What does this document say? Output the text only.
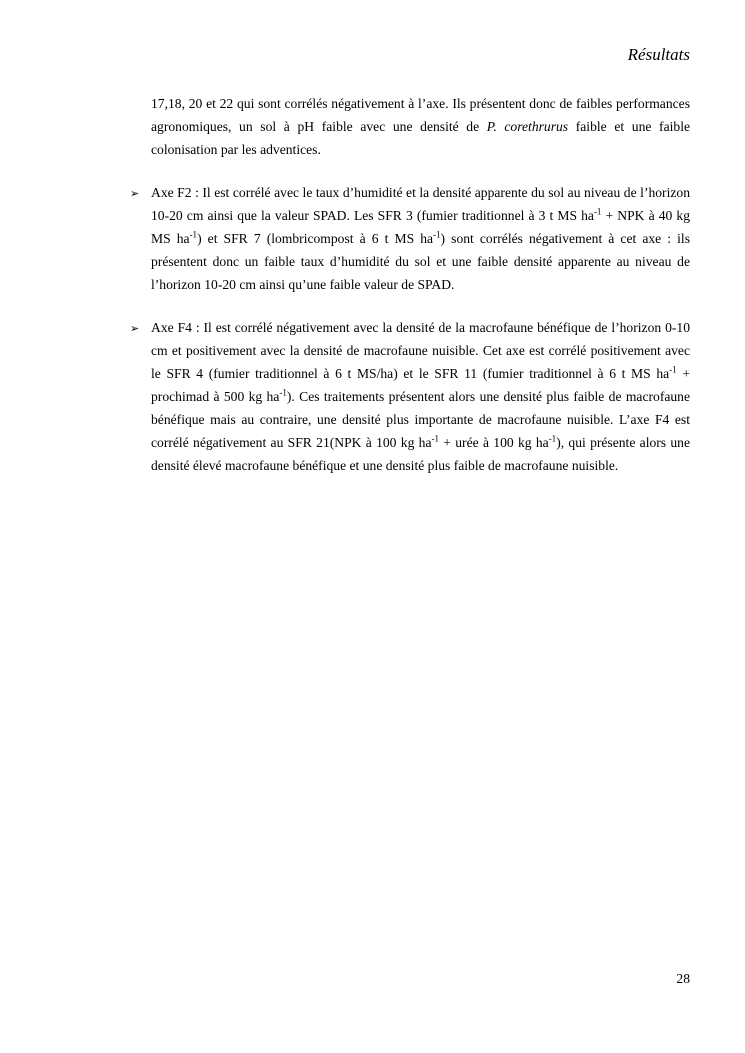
Résultats
17,18, 20 et 22 qui sont corrélés négativement à l’axe. Ils présentent donc de faibles performances agronomiques, un sol à pH faible avec une densité de P. corethrurus faible et une faible colonisation par les adventices.
➢ Axe F2 : Il est corrélé avec le taux d’humidité et la densité apparente du sol au niveau de l’horizon 10-20 cm ainsi que la valeur SPAD. Les SFR 3 (fumier traditionnel à 3 t MS $ha^{-1}$ + NPK à 40 kg MS $ha^{-1}$) et SFR 7 (lombricompost à 6 t MS $ha^{-1}$) sont corrélés négativement à cet axe : ils présentent donc un faible taux d’humidité du sol et une faible densité apparente au niveau de l’horizon 10-20 cm ainsi qu’une faible valeur de SPAD.
➢ Axe F4 : Il est corrélé négativement avec la densité de la macrofaune bénéfique de l’horizon 0-10 cm et positivement avec la densité de macrofaune nuisible. Cet axe est corrélé positivement avec le SFR 4 (fumier traditionnel à 6 t MS/ha) et le SFR 11 (fumier traditionnel à 6 t MS $ha^{-1}$ + prochimad à 500 kg $ha^{-1}$). Ces traitements présentent alors une densité plus faible de macrofaune bénéfique mais au contraire, une densité plus importante de macrofaune nuisible. L’axe F4 est corrélé négativement au SFR 21(NPK à 100 kg $ha^{-1}$ + urée à 100 kg $ha^{-1}$), qui présente alors une densité élevé macrofaune bénéfique et une densité plus faible de macrofaune nuisible.
28
